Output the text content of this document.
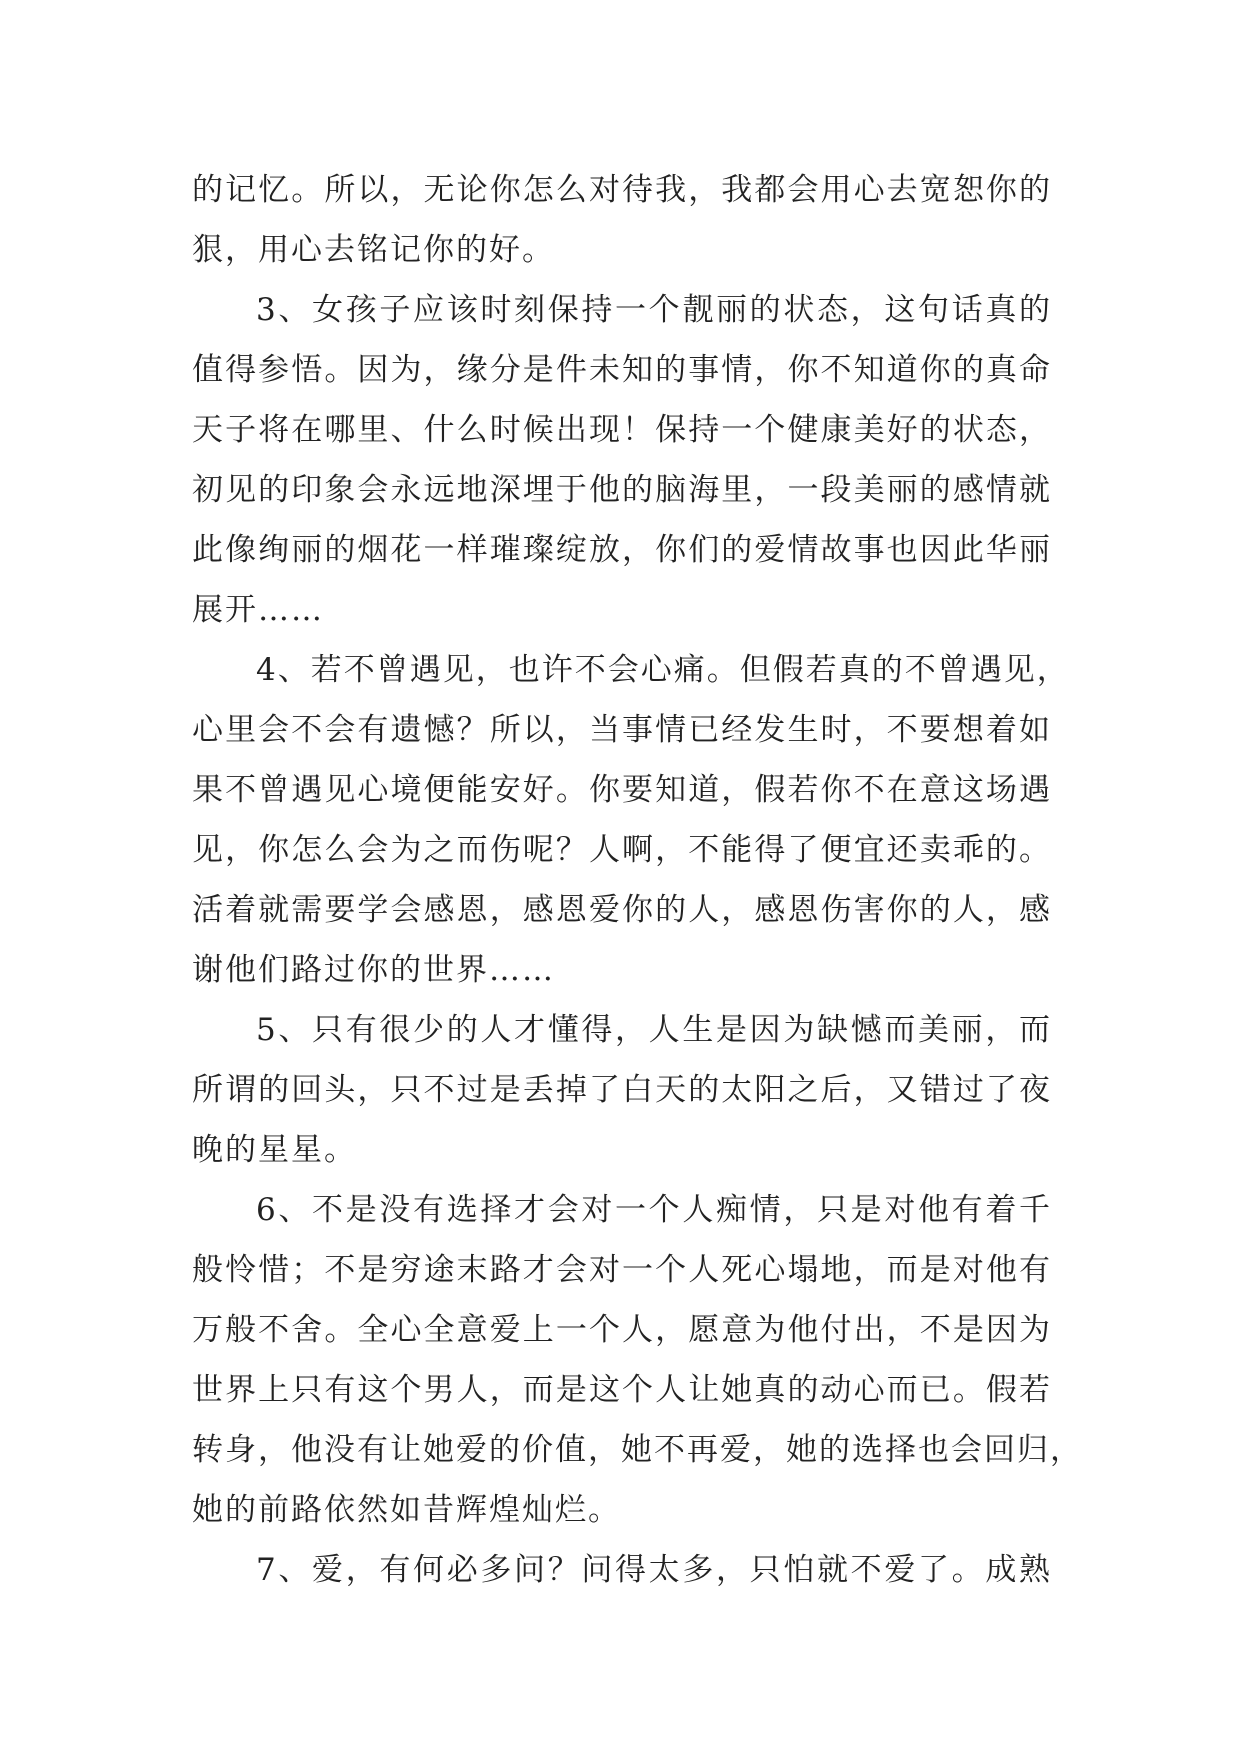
的记忆。所以，无论你怎么对待我，我都会用心去宽恕你的
狠，用心去铭记你的好。
3、女孩子应该时刻保持一个靓丽的状态，这句话真的
值得参悟。因为，缘分是件未知的事情，你不知道你的真命
天子将在哪里、什么时候出现！保持一个健康美好的状态，
初见的印象会永远地深埋于他的脑海里，一段美丽的感情就
此像绚丽的烟花一样璀璨绽放，你们的爱情故事也因此华丽
展开……
4、若不曾遇见，也许不会心痛。但假若真的不曾遇见，
心里会不会有遗憾？所以，当事情已经发生时，不要想着如
果不曾遇见心境便能安好。你要知道，假若你不在意这场遇
见，你怎么会为之而伤呢？人啊，不能得了便宜还卖乖的。
活着就需要学会感恩，感恩爱你的人，感恩伤害你的人，感
谢他们路过你的世界……
5、只有很少的人才懂得，人生是因为缺憾而美丽，而
所谓的回头，只不过是丢掉了白天的太阳之后，又错过了夜
晚的星星。
6、不是没有选择才会对一个人痴情，只是对他有着千
般怜惜；不是穷途末路才会对一个人死心塌地，而是对他有
万般不舍。全心全意爱上一个人，愿意为他付出，不是因为
世界上只有这个男人，而是这个人让她真的动心而已。假若
转身，他没有让她爱的价值，她不再爱，她的选择也会回归，
她的前路依然如昔辉煌灿烂。
7、爱，有何必多问？问得太多，只怕就不爱了。成熟
